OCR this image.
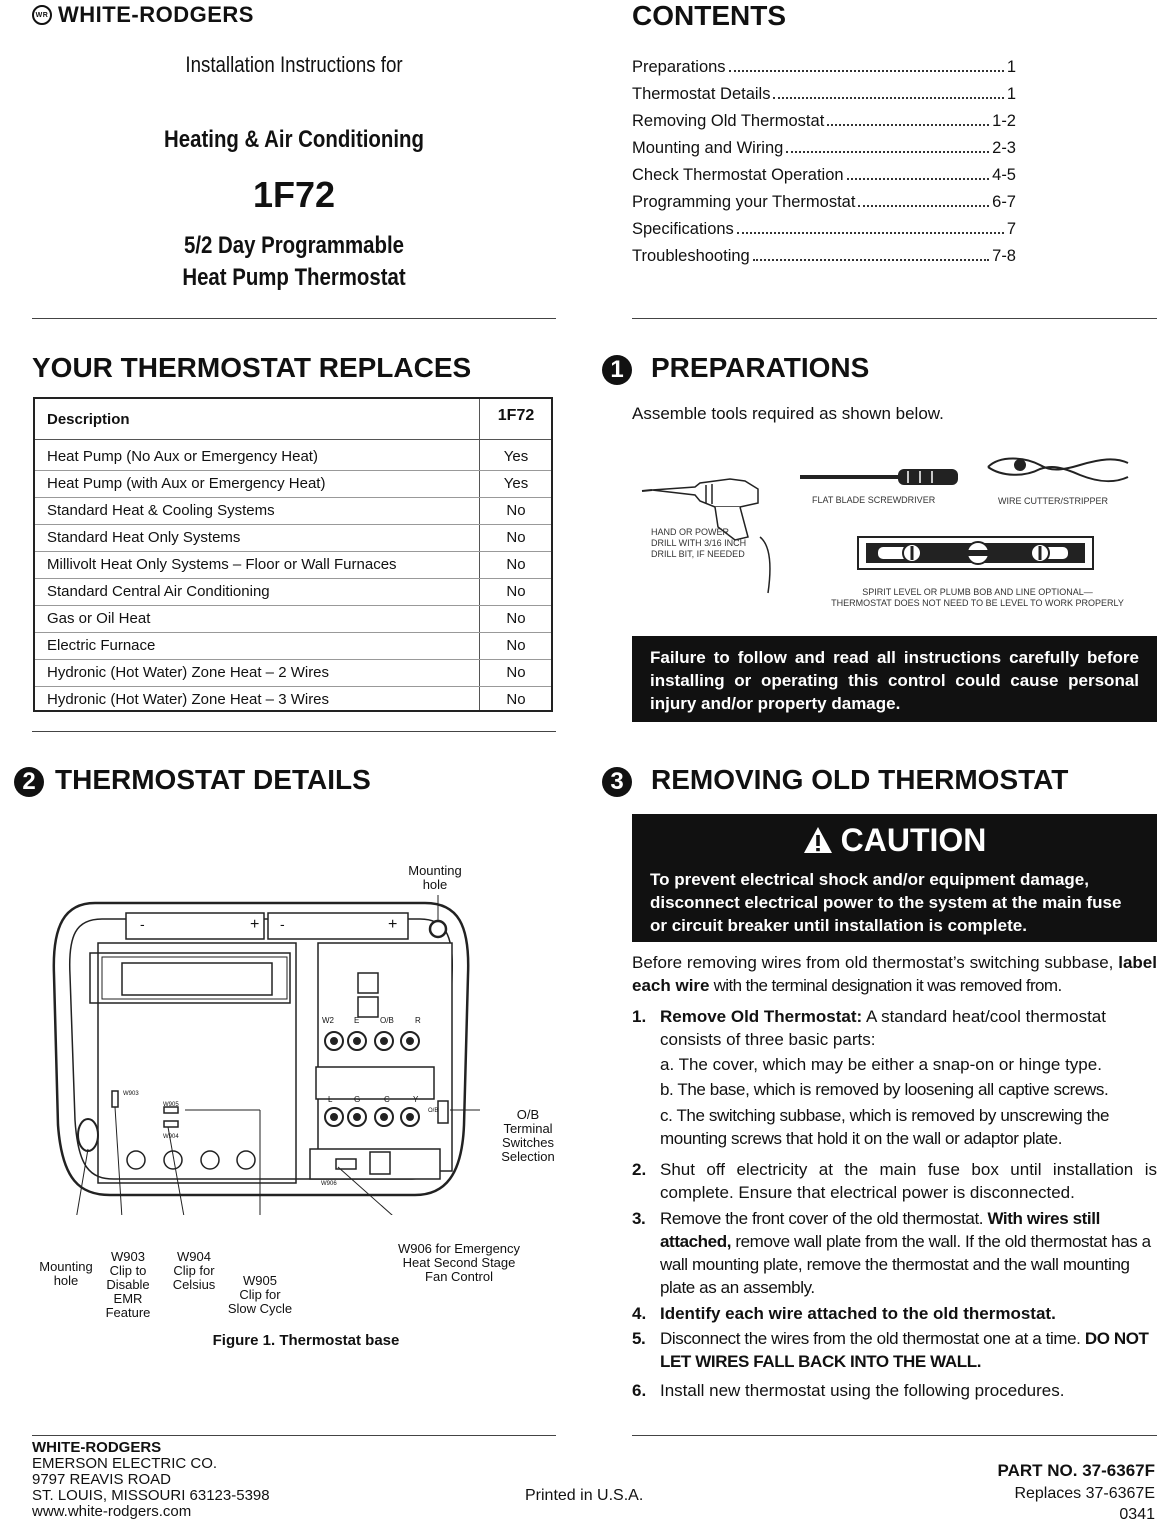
WR WHITE-RODGERS
Installation Instructions for
Heating & Air Conditioning
1F72
5/2 Day Programmable
Heat Pump Thermostat
CONTENTS
Preparations	1
Thermostat Details	1
Removing Old Thermostat	1-2
Mounting and Wiring	2-3
Check Thermostat Operation	4-5
Programming your Thermostat	6-7
Specifications	7
Troubleshooting	7-8
YOUR THERMOSTAT REPLACES
Description	1F72
Heat Pump (No Aux or Emergency Heat)	Yes
Heat Pump (with Aux or Emergency Heat)	Yes
Standard Heat & Cooling Systems	No
Standard Heat Only Systems	No
Millivolt Heat Only Systems – Floor or Wall Furnaces	No
Standard Central Air Conditioning	No
Gas or Oil Heat	No
Electric Furnace	No
Hydronic (Hot Water) Zone Heat – 2 Wires	No
Hydronic (Hot Water) Zone Heat – 3 Wires	No
1 PREPARATIONS
Assemble tools required as shown below.
HAND OR POWER
DRILL WITH 3/16 INCH
DRILL BIT, IF NEEDED
FLAT BLADE SCREWDRIVER	WIRE CUTTER/STRIPPER
SPIRIT LEVEL OR PLUMB BOB AND LINE OPTIONAL—
THERMOSTAT DOES NOT NEED TO BE LEVEL TO WORK PROPERLY
Failure to follow and read all instructions carefully before installing or operating this control could cause personal injury and/or property damage.
2 THERMOSTAT DETAILS
-	+ -	+
W2	E	O/B	R
L	G	C	Y
W903
W905
W904
W906
O/B
Mounting
hole
O/B
Terminal
Switches
Selection
W906 for Emergency
Heat Second Stage
Fan Control
Mounting
hole
W903
Clip to
Disable
EMR
Feature
W904
Clip for
Celsius	W905
Clip for
Slow Cycle
Figure 1. Thermostat base
3 REMOVING OLD THERMOSTAT
CAUTION
To prevent electrical shock and/or equipment damage, disconnect electrical power to the system at the main fuse or circuit breaker until installation is complete.
Before removing wires from old thermostat’s switching subbase, label each wire with the terminal designation it was removed from.
1. Remove Old Thermostat: A standard heat/cool thermostat consists of three basic parts:
a. The cover, which may be either a snap-on or hinge type.
b. The base, which is removed by loosening all captive screws.
c. The switching subbase, which is removed by unscrewing the mounting screws that hold it on the wall or adaptor plate.
2. Shut off electricity at the main fuse box until installation is complete. Ensure that electrical power is disconnected.
3. Remove the front cover of the old thermostat. With wires still attached, remove wall plate from the wall. If the old thermostat has a wall mounting plate, remove the thermostat and the wall mounting plate as an assembly.
4. Identify each wire attached to the old thermostat.
5. Disconnect the wires from the old thermostat one at a time. DO NOT LET WIRES FALL BACK INTO THE WALL.
6. Install new thermostat using the following procedures.
WHITE-RODGERS
EMERSON ELECTRIC CO.
9797 REAVIS ROAD
ST. LOUIS, MISSOURI 63123-5398
www.white-rodgers.com
Printed in U.S.A.
PART NO. 37-6367F
Replaces 37-6367E
0341
